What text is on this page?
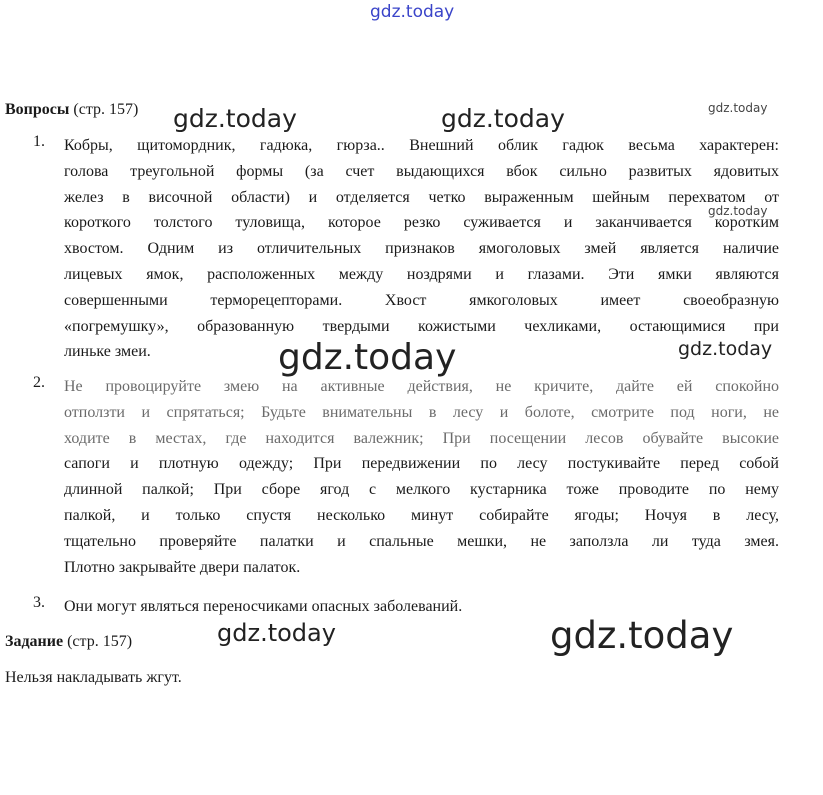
gdz.today
gdz.today	gdz.today	gdz.today
gdz.today
gdz.today	gdz.today
gdz.today	gdz.today
Вопросы (стр. 157)
1.	Кобры, щитомордник, гадюка, гюрза.. Внешний облик гадюк весьма характерен:
голова треугольной формы (за счет выдающихся вбок сильно развитых ядовитых
желез в височной области) и отделяется четко выраженным шейным перехватом от
короткого толстого туловища, которое резко суживается и заканчивается коротким
хвостом. Одним из отличительных признаков ямоголовых змей является наличие
лицевых ямок, расположенных между ноздрями и глазами. Эти ямки являются
совершенными терморецепторами. Хвост ямкоголовых имеет своеобразную
«погремушку», образованную твердыми кожистыми чехликами, остающимися при
линьке змеи.
2.	Не провоцируйте змею на активные действия, не кричите, дайте ей спокойно
отползти и спрятаться; Будьте внимательны в лесу и болоте, смотрите под ноги, не
ходите в местах, где находится валежник; При посещении лесов обувайте высокие
сапоги и плотную одежду; При передвижении по лесу постукивайте перед собой
длинной палкой; При сборе ягод с мелкого кустарника тоже проводите по нему
палкой, и только спустя несколько минут собирайте ягоды; Ночуя в лесу,
тщательно проверяйте палатки и спальные мешки, не заползла ли туда змея.
Плотно закрывайте двери палаток.
3.	Они могут являться переносчиками опасных заболеваний.
Задание (стр. 157)
Нельзя накладывать жгут.
